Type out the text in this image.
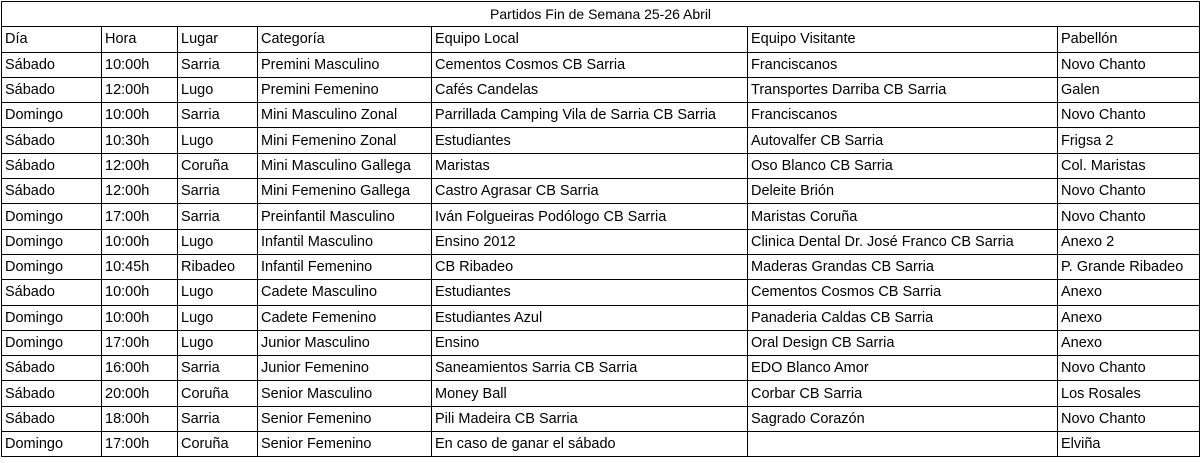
Partidos Fin de Semana 25-26 Abril						
Día	Hora	Lugar	Categoría	Equipo Local	Equipo Visitante	Pabellón
Sábado	10:00h	Sarria	Premini Masculino	Cementos Cosmos CB Sarria	Franciscanos	Novo Chanto
Sábado	12:00h	Lugo	Premini Femenino	Cafés Candelas	Transportes Darriba CB Sarria	Galen
Domingo	10:00h	Sarria	Mini Masculino Zonal	Parrillada Camping Vila de Sarria CB Sarria	Franciscanos	Novo Chanto
Sábado	10:30h	Lugo	Mini Femenino Zonal	Estudiantes	Autovalfer CB Sarria	Frigsa 2
Sábado	12:00h	Coruña	Mini Masculino Gallega	Maristas	Oso Blanco CB Sarria	Col. Maristas
Sábado	12:00h	Sarria	Mini Femenino Gallega	Castro Agrasar CB Sarria	Deleite Brión	Novo Chanto
Domingo	17:00h	Sarria	Preinfantil Masculino	Iván Folgueiras Podólogo CB Sarria	Maristas Coruña	Novo Chanto
Domingo	10:00h	Lugo	Infantil Masculino	Ensino 2012	Clinica Dental Dr. José Franco CB Sarria	Anexo 2
Domingo	10:45h	Ribadeo	Infantil Femenino	CB Ribadeo	Maderas Grandas CB Sarria	P. Grande Ribadeo
Sábado	10:00h	Lugo	Cadete Masculino	Estudiantes	Cementos Cosmos CB Sarria	Anexo
Domingo	10:00h	Lugo	Cadete Femenino	Estudiantes Azul	Panaderia Caldas CB Sarria	Anexo
Domingo	17:00h	Lugo	Junior Masculino	Ensino	Oral Design CB Sarria	Anexo
Sábado	16:00h	Sarria	Junior Femenino	Saneamientos Sarria CB Sarria	EDO Blanco Amor	Novo Chanto
Sábado	20:00h	Coruña	Senior Masculino	Money Ball	Corbar CB Sarria	Los Rosales
Sábado	18:00h	Sarria	Senior Femenino	Pili Madeira CB Sarria	Sagrado Corazón	Novo Chanto
Domingo	17:00h	Coruña	Senior Femenino	En caso de ganar el sábado		Elviña
